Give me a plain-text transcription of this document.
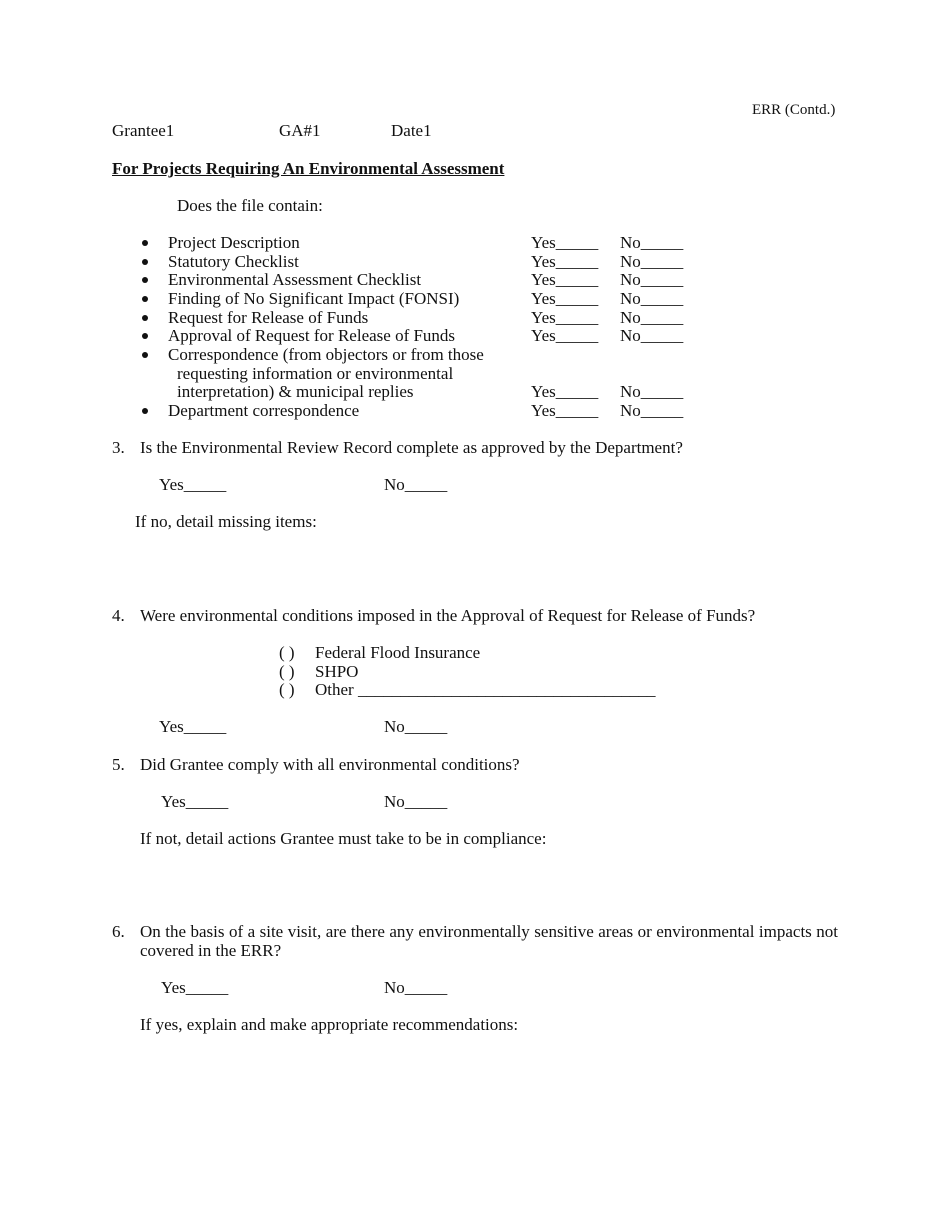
ERR (Contd.)
Grantee1	GA#1	Date1
For Projects Requiring An Environmental Assessment
Does the file contain:
Project Description	Yes_____ No_____
Statutory Checklist	Yes_____ No_____
Environmental Assessment Checklist	Yes_____ No_____
Finding of No Significant Impact (FONSI)	Yes_____ No_____
Request for Release of Funds	Yes_____ No_____
Approval of Request for Release of Funds	Yes_____ No_____
Correspondence (from objectors or from those
requesting information or environmental
interpretation) & municipal replies	Yes_____ No_____
Department correspondence	Yes_____ No_____
3. Is the Environmental Review Record complete as approved by the Department?
Yes_____	No_____
If no, detail missing items:
4. Were environmental conditions imposed in the Approval of Request for Release of Funds?
( ) Federal Flood Insurance
( ) SHPO
( ) Other ___________________________________
Yes_____	No_____
5. Did Grantee comply with all environmental conditions?
Yes_____	No_____
If not, detail actions Grantee must take to be in compliance:
6. On the basis of a site visit, are there any environmentally sensitive areas or environmental impacts not covered in the ERR?
Yes_____	No_____
If yes, explain and make appropriate recommendations:
